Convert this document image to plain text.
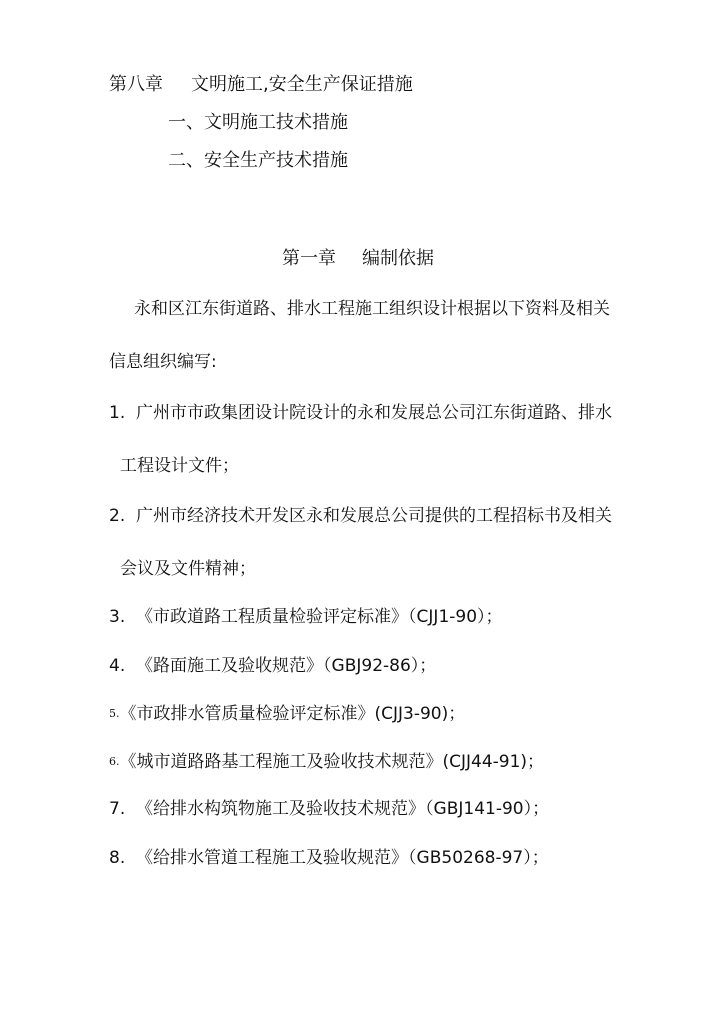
第八章 文明施工,安全生产保证措施
一、文明施工技术措施
二、安全生产技术措施
第一章 编制依据
永和区江东街道路、排水工程施工组织设计根据以下资料及相关
信息组织编写:
1. 广州市市政集团设计院设计的永和发展总公司江东街道路、排水
工程设计文件；
2. 广州市经济技术开发区永和发展总公司提供的工程招标书及相关
会议及文件精神；
3. 《市政道路工程质量检验评定标准》（CJJ1-90）；
4. 《路面施工及验收规范》（GBJ92-86）；
5.《市政排水管质量检验评定标准》(CJJ3-90)；
6.《城市道路路基工程施工及验收技术规范》(CJJ44-91)；
7. 《给排水构筑物施工及验收技术规范》（GBJ141-90）；
8. 《给排水管道工程施工及验收规范》（GB50268-97）；
